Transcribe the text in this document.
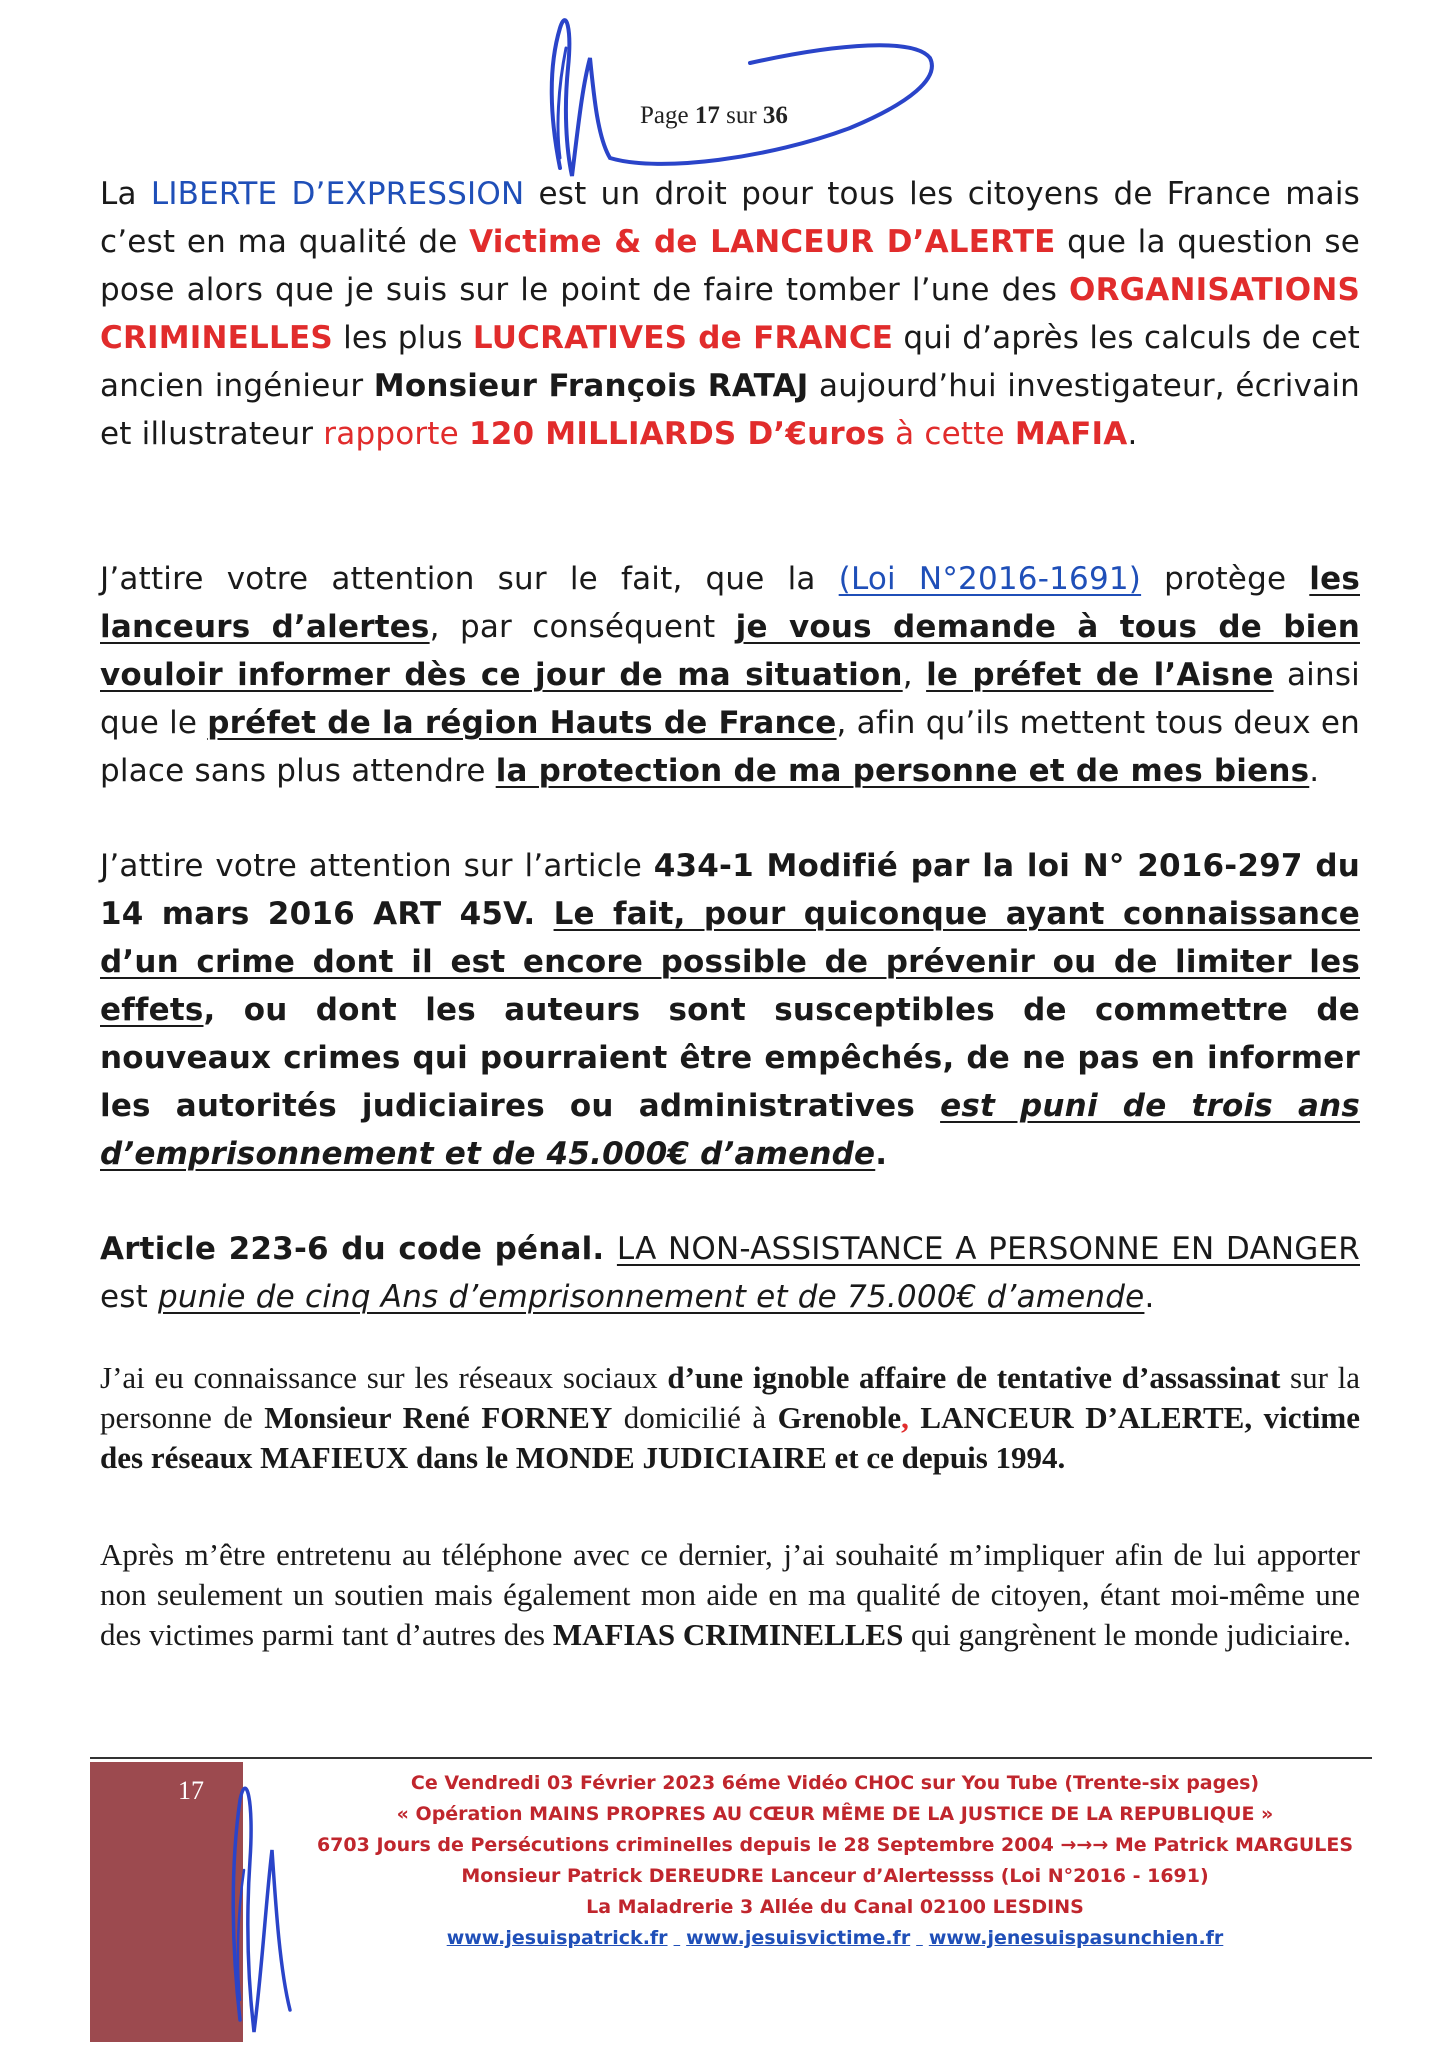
Page 17 sur 36
La LIBERTE D’EXPRESSION est un droit pour tous les citoyens de France mais c’est en ma qualité de Victime & de LANCEUR D’ALERTE que la question se pose alors que je suis sur le point de faire tomber l’une des ORGANISATIONS CRIMINELLES les plus LUCRATIVES de FRANCE qui d’après les calculs de cet ancien ingénieur Monsieur François RATAJ aujourd’hui investigateur, écrivain et illustrateur rapporte 120 MILLIARDS D’€uros à cette MAFIA.
J’attire votre attention sur le fait, que la (Loi N°2016-1691) protège les lanceurs d’alertes, par conséquent je vous demande à tous de bien vouloir informer dès ce jour de ma situation, le préfet de l’Aisne ainsi que le préfet de la région Hauts de France, afin qu’ils mettent tous deux en place sans plus attendre la protection de ma personne et de mes biens.
J’attire votre attention sur l’article 434-1 Modifié par la loi N° 2016-297 du 14 mars 2016 ART 45V. Le fait, pour quiconque ayant connaissance d’un crime dont il est encore possible de prévenir ou de limiter les effets, ou dont les auteurs sont susceptibles de commettre de nouveaux crimes qui pourraient être empêchés, de ne pas en informer les autorités judiciaires ou administratives est puni de trois ans d’emprisonnement et de 45.000€ d’amende.
Article 223-6 du code pénal. LA NON-ASSISTANCE A PERSONNE EN DANGER est punie de cinq Ans d’emprisonnement et de 75.000€ d’amende.
J’ai eu connaissance sur les réseaux sociaux d’une ignoble affaire de tentative d’assassinat sur la personne de Monsieur René FORNEY domicilié à Grenoble, LANCEUR D’ALERTE, victime des réseaux MAFIEUX dans le MONDE JUDICIAIRE et ce depuis 1994.
Après m’être entretenu au téléphone avec ce dernier, j’ai souhaité m’impliquer afin de lui apporter non seulement un soutien mais également mon aide en ma qualité de citoyen, étant moi-même une des victimes parmi tant d’autres des MAFIAS CRIMINELLES qui gangrènent le monde judiciaire.
17	Ce Vendredi 03 Février 2023 6éme Vidéo CHOC sur You Tube (Trente-six pages)
« Opération MAINS PROPRES AU CŒUR MÊME DE LA JUSTICE DE LA REPUBLIQUE »
6703 Jours de Persécutions criminelles depuis le 28 Septembre 2004 →→→ Me Patrick MARGULES
Monsieur Patrick DEREUDRE Lanceur d’Alertessss (Loi N°2016 - 1691)
La Maladrerie 3 Allée du Canal 02100 LESDINS
www.jesuispatrick.fr www.jesuisvictime.fr www.jenesuispasunchien.fr
